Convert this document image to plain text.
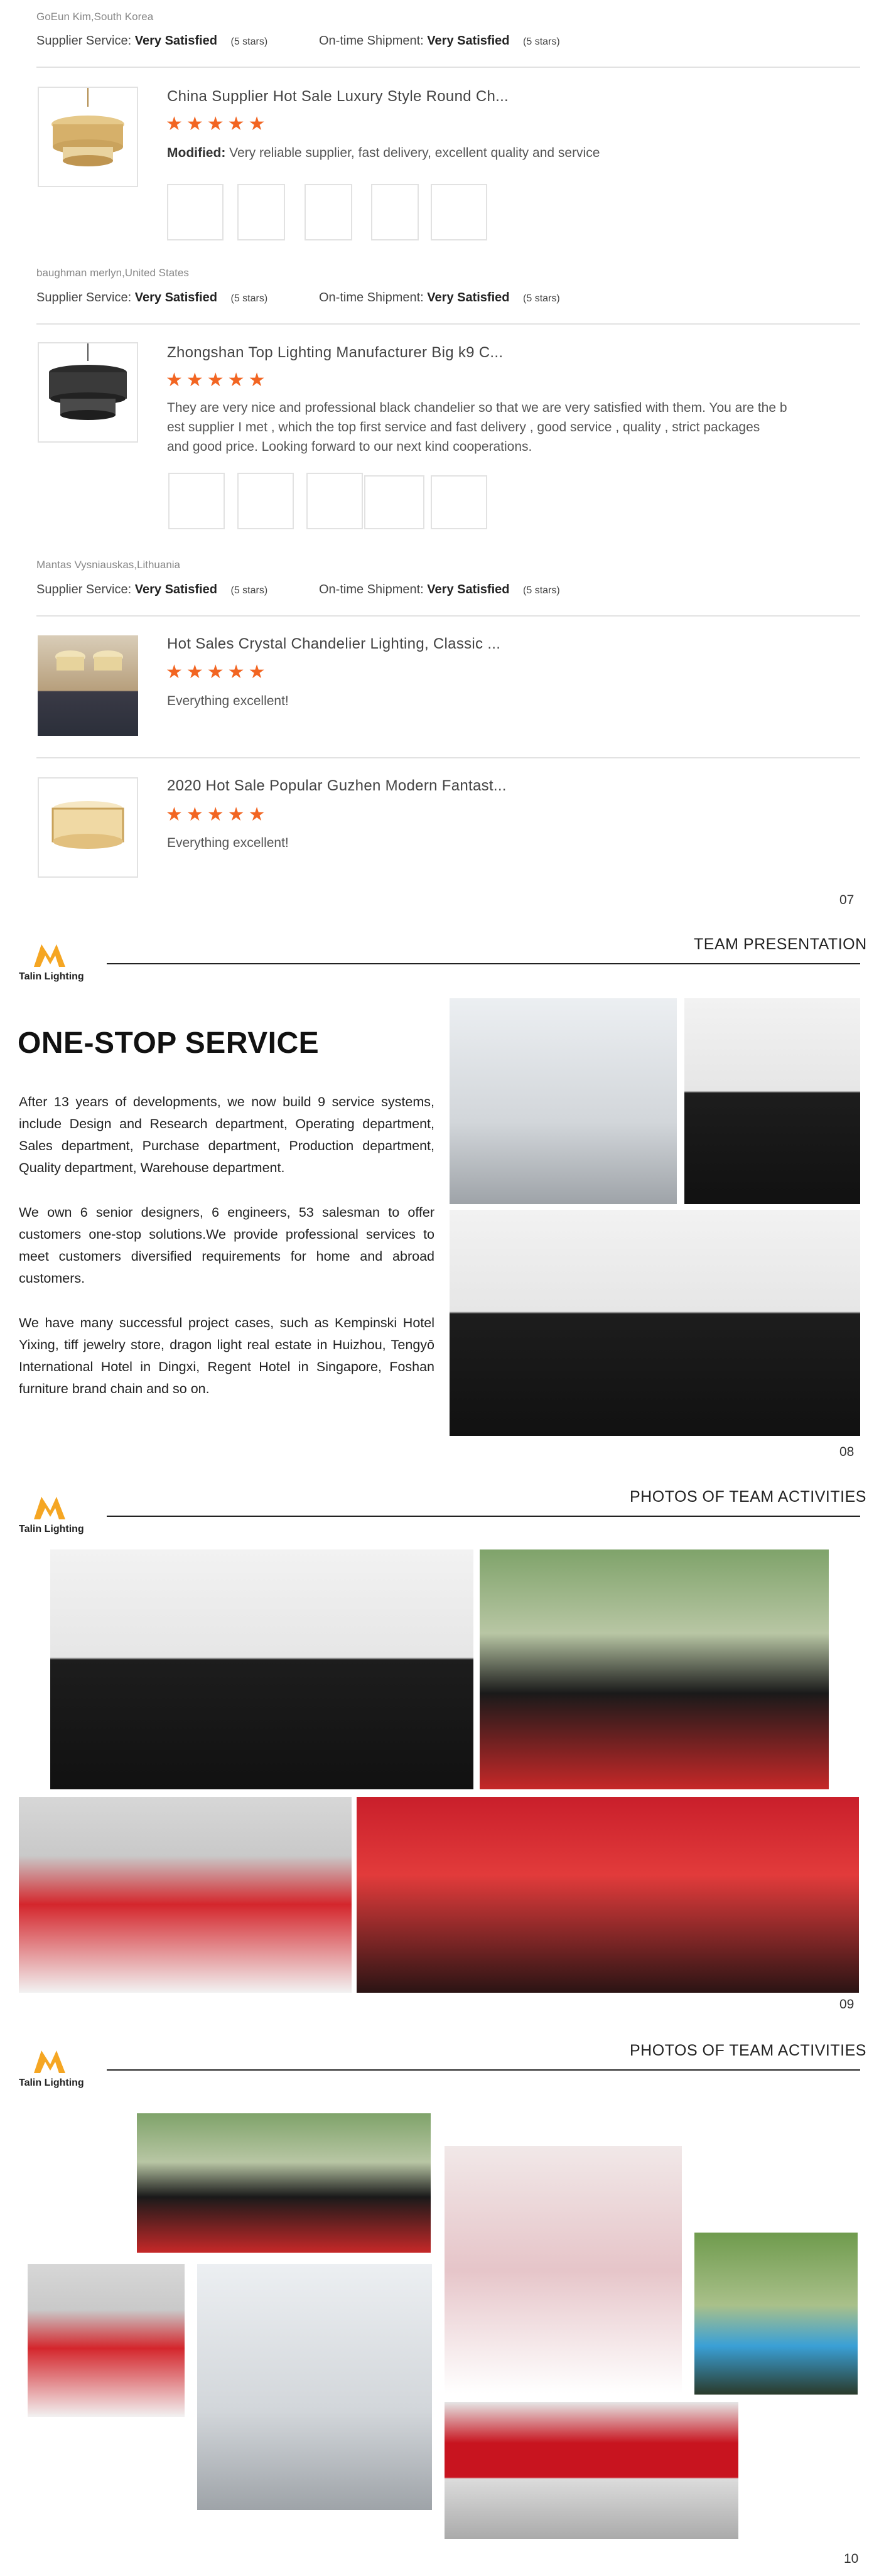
GoEun Kim,South Korea
Supplier Service: Very Satisfied (5 stars)	On-time Shipment: Very Satisfied (5 stars)
China Supplier Hot Sale Luxury Style Round Ch...
★★★★★
Modified: Very reliable supplier, fast delivery, excellent quality and service
baughman merlyn,United States
Supplier Service: Very Satisfied (5 stars)	On-time Shipment: Very Satisfied (5 stars)
Zhongshan Top Lighting Manufacturer Big k9 C...
★★★★★
They are very nice and professional black chandelier so that we are very satisfied with them. You are the b
est supplier I met , which the top first service and fast delivery , good service , quality , strict packages
and good price. Looking forward to our next kind cooperations.
Mantas Vysniauskas,Lithuania
Supplier Service: Very Satisfied (5 stars)	On-time Shipment: Very Satisfied (5 stars)
Hot Sales Crystal Chandelier Lighting, Classic ...
★★★★★
Everything excellent!
2020 Hot Sale Popular Guzhen Modern Fantast...
★★★★★
Everything excellent!
07
Talin Lighting
TEAM PRESENTATION
ONE-STOP SERVICE
After 13 years of developments, we now build 9 service systems, include Design and Research department, Operating department, Sales department, Purchase department, Production department, Quality department, Warehouse department.
We own 6 senior designers, 6 engineers, 53 salesman to offer customers one-stop solutions.We provide professional services to meet customers diversified requirements for home and abroad customers.
We have many successful project cases, such as Kempinski Hotel Yixing, tiff jewelry store, dragon light real estate in Huizhou, Tengyō International Hotel in Dingxi, Regent Hotel in Singapore, Foshan furniture brand chain and so on.
08
Talin Lighting
PHOTOS OF TEAM ACTIVITIES
09
Talin Lighting
PHOTOS OF TEAM ACTIVITIES
10
